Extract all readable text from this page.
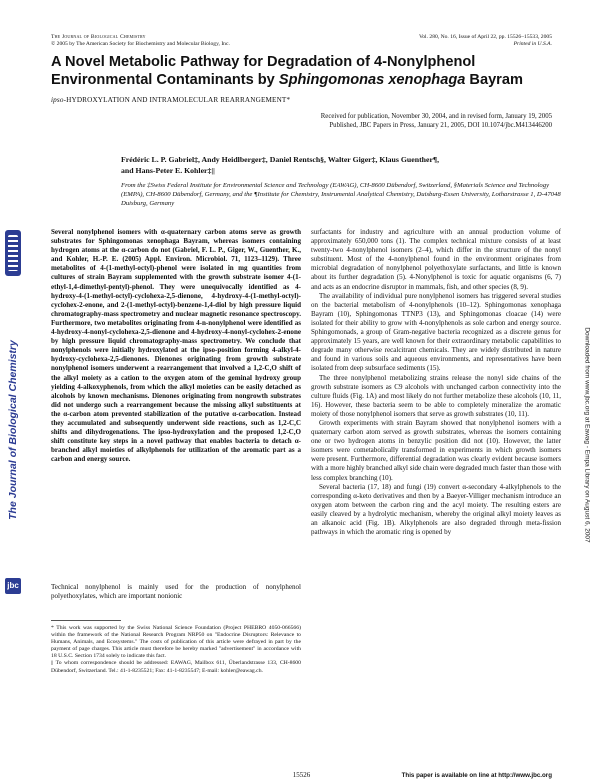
The Journal of Biological Chemistry
© 2005 by The American Society for Biochemistry and Molecular Biology, Inc.
Vol. 280, No. 16, Issue of April 22, pp. 15526–15533, 2005
Printed in U.S.A.
A Novel Metabolic Pathway for Degradation of 4-Nonylphenol
Environmental Contaminants by Sphingomonas xenophaga Bayram
ipso-HYDROXYLATION AND INTRAMOLECULAR REARRANGEMENT*
Received for publication, November 30, 2004, and in revised form, January 19, 2005
Published, JBC Papers in Press, January 21, 2005, DOI 10.1074/jbc.M413446200
Frédéric L. P. Gabriel‡, Andy Heidlberger‡, Daniel Rentsch§, Walter Giger‡, Klaus Guenther¶,
and Hans-Peter E. Kohler‡||
From the ‡Swiss Federal Institute for Environmental Science and Technology (EAWAG), CH-8600 Dübendorf, Switzerland, §Materials Science and Technology (EMPA), CH-8600 Dübendorf, Germany, and the ¶Institute for Chemistry, Instrumental Analytical Chemistry, Duisburg-Essen University, Lotharstrasse 1, D-47048 Duisburg, Germany
The Journal of Biological Chemistry
jbc
Downloaded from www.jbc.org at Eawag - Empa Library on August 6, 2007
Several nonylphenol isomers with α-quaternary carbon atoms serve as growth substrates for Sphingomonas xenophaga Bayram, whereas isomers containing hydrogen atoms at the α-carbon do not (Gabriel, F. L. P., Giger, W., Guenther, K., and Kohler, H.-P. E. (2005) Appl. Environ. Microbiol. 71, 1123–1129). Three metabolites of 4-(1-methyl-octyl)-phenol were isolated in mg quantities from cultures of strain Bayram supplemented with the growth substrate isomer 4-(1-ethyl-1,4-dimethyl-pentyl)-phenol. They were unequivocally identified as 4-hydroxy-4-(1-methyl-octyl)-cyclohexa-2,5-dienone, 4-hydroxy-4-(1-methyl-octyl)-cyclohex-2-enone, and 2-(1-methyl-octyl)-benzene-1,4-diol by high pressure liquid chromatography-mass spectrometry and nuclear magnetic resonance spectroscopy. Furthermore, two metabolites originating from 4-n-nonylphenol were identified as 4-hydroxy-4-nonyl-cyclohexa-2,5-dienone and 4-hydroxy-4-nonyl-cyclohex-2-enone by high pressure liquid chromatography-mass spectrometry. We conclude that nonylphenols were initially hydroxylated at the ipso-position forming 4-alkyl-4-hydroxy-cyclohexa-2,5-dienones. Dienones originating from growth substrate nonylphenol isomers underwent a rearrangement that involved a 1,2-C,O shift of the alkyl moiety as a cation to the oxygen atom of the geminal hydroxy group yielding 4-alkoxyphenols, from which the alkyl moieties can be easily detached as alcohols by known mechanisms. Dienones originating from nongrowth substrates did not undergo such a rearrangement because the missing alkyl substituents at the α-carbon atom prevented stabilization of the putative α-carbocation. Instead they accumulated and subsequently underwent side reactions, such as 1,2-C,C shifts and dihydrogenations. The ipso-hydroxylation and the proposed 1,2-C,O shift constitute key steps in a novel pathway that enables bacteria to detach α-branched alkyl moieties of alkylphenols for utilization of the aromatic part as a carbon and energy source.
Technical nonylphenol is mainly used for the production of nonylphenol polyethoxylates, which are important nonionic
* This work was supported by the Swiss National Science Foundation (Project PHEBRO 4050-066566) within the framework of the National Research Program NRP50 on "Endocrine Disruptors: Relevance to Humans, Animals, and Ecosystems." The costs of publication of this article were defrayed in part by the payment of page charges. This article must therefore be hereby marked "advertisement" in accordance with 18 U.S.C. Section 1734 solely to indicate this fact.
|| To whom correspondence should be addressed: EAWAG, Mailbox 611, Überlandstrasse 133, CH-8600 Dübendorf, Switzerland. Tel.: 41-1-8235521; Fax: 41-1-8235547; E-mail: kohler@eawag.ch.

surfactants for industry and agriculture with an annual production volume of approximately 650,000 tons (1). The complex technical mixture consists of at least twenty-two 4-nonylphenol isomers (2–4), which differ in the structure of the nonyl substituent. Most of the 4-nonylphenol found in the environment originates from microbial degradation of nonylphenol polyethoxylate surfactants, and little is known about its further degradation (5). 4-Nonylphenol is toxic for aquatic organisms (6, 7) and acts as an endocrine disruptor in mammals, fish, and other species (8, 9).

The availability of individual pure nonylphenol isomers has triggered several studies on the bacterial metabolism of 4-nonylphenols (10–12). Sphingomonas xenophaga Bayram (10), Sphingomonas TTNP3 (13), and Sphingomonas cloacae (14) were isolated for their ability to grow with 4-nonylphenols as sole carbon and energy source. Sphingomonads, a group of Gram-negative bacteria recognized as a discrete genus for approximately 15 years, are well known for their extraordinary metabolic capabilities to degrade many otherwise recalcitrant chemicals. They are widely distributed in nature and found in various soils and aqueous environments, and representatives have been isolated from deep subsurface sediments (15).

The three nonylphenol metabolizing strains release the nonyl side chains of the growth substrate isomers as C9 alcohols with unchanged carbon connectivity into the culture fluids (Fig. 1A) and most likely do not further metabolize these alcohols (10, 11, 16). However, these bacteria seem to be able to completely mineralize the aromatic moiety of those nonylphenol isomers that serve as growth substrates (10, 11).

Growth experiments with strain Bayram showed that nonylphenol isomers with a quaternary carbon atom served as growth substrates, whereas the isomers containing one or two hydrogen atoms in benzylic position did not (10). However, the latter isomers were cometabolically transformed in experiments in which growth isomers were present. Furthermore, differential degradation was clearly evident because isomers with a more highly branched alkyl side chain were degraded much faster than those with less complex branching (10).

Several bacteria (17, 18) and fungi (19) convert α-secondary 4-alkylphenols to the corresponding α-keto derivatives and then by a Baeyer-Villiger mechanism introduce an oxygen atom between the carbon ring and the acyl moiety. The resulting esters are easily cleaved by a hydrolytic mechanism, whereby the original alkyl moiety leaves as an alkanoic acid (Fig. 1B). Alkylphenols are also degraded through meta-fission pathways in which the aromatic ring is opened by

15526	This paper is available on line at http://www.jbc.org
